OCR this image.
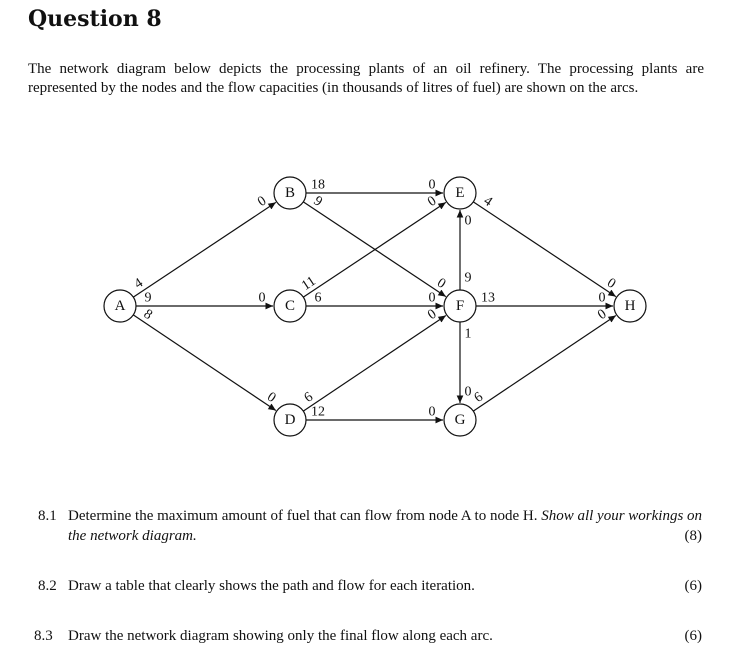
Question 8
The network diagram below depicts the processing plants of an oil refinery. The processing plants are represented by the nodes and the flow capacities (in thousands of litres of fuel) are shown on the arcs.
A
B
C
D
E
F
G
H
4
0
9	0
8
0
18	0
9
0
11
0
6	0
6
0
12	0
9
0
1
0
13	0
4
0
6
0
8.1 Determine the maximum amount of fuel that can flow from node A to node H. Show all your workings on the network diagram.	(8)
8.2 Draw a table that clearly shows the path and flow for each iteration.	(6)
8.3 Draw the network diagram showing only the final flow along each arc.	(6)
